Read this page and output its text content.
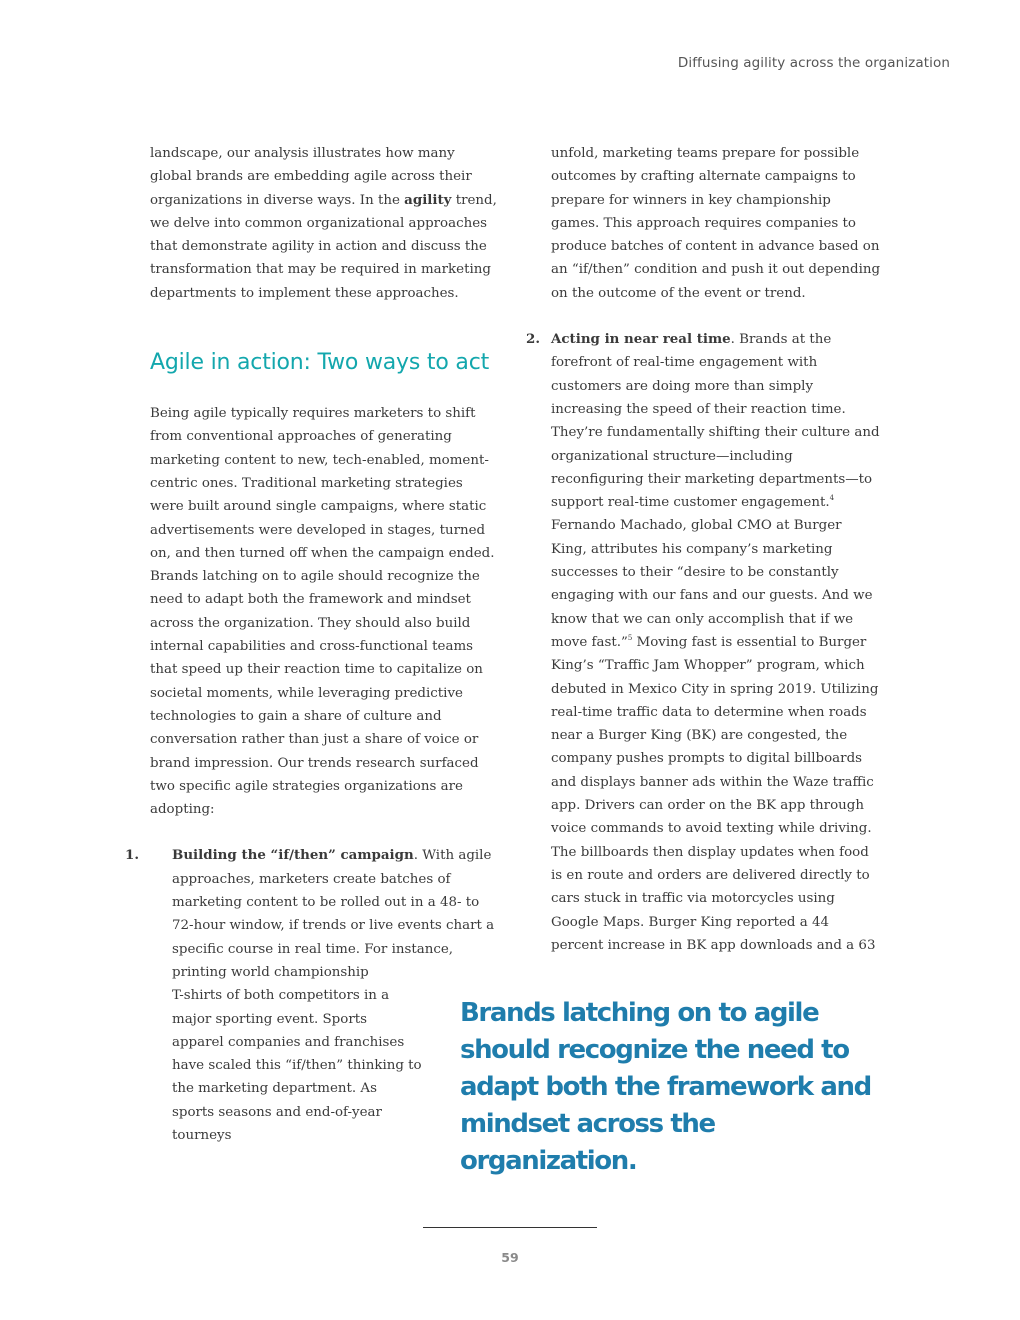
Diffusing agility across the organization

landscape, our analysis illustrates how many global brands are embedding agile across their organizations in diverse ways. In the agility trend, we delve into common organizational approaches that demonstrate agility in action and discuss the transformation that may be required in marketing departments to implement these approaches.

Agile in action: Two ways to act

Being agile typically requires marketers to shift from conventional approaches of generating marketing content to new, tech-enabled, moment-centric ones. Traditional marketing strategies were built around single campaigns, where static advertisements were developed in stages, turned on, and then turned off when the campaign ended. Brands latching on to agile should recognize the need to adapt both the framework and mindset across the organization. They should also build internal capabilities and cross-functional teams that speed up their reaction time to capitalize on societal moments, while leveraging predictive technologies to gain a share of culture and conversation rather than just a share of voice or brand impression. Our trends research surfaced two specific agile strategies organizations are adopting:

1. Building the “if/then” campaign. With agile approaches, marketers create batches of marketing content to be rolled out in a 48- to 72-hour window, if trends or live events chart a specific course in real time. For instance, printing world championship

T-shirts of both competitors in a major sporting event. Sports apparel companies and franchises have scaled this “if/then” thinking to the marketing department. As sports seasons and end-of-year tourneys

unfold, marketing teams prepare for possible outcomes by crafting alternate campaigns to prepare for winners in key championship games. This approach requires companies to produce batches of content in advance based on an “if/then” condition and push it out depending on the outcome of the event or trend.

2. Acting in near real time. Brands at the forefront of real-time engagement with customers are doing more than simply increasing the speed of their reaction time. They’re fundamentally shifting their culture and organizational structure—including reconfiguring their marketing departments—to support real-time customer engagement.$^4$ Fernando Machado, global CMO at Burger King, attributes his company’s marketing successes to their “desire to be constantly engaging with our fans and our guests. And we know that we can only accomplish that if we move fast.”$^5$ Moving fast is essential to Burger King’s “Traffic Jam Whopper” program, which debuted in Mexico City in spring 2019. Utilizing real-time traffic data to determine when roads near a Burger King (BK) are congested, the company pushes prompts to digital billboards and displays banner ads within the Waze traffic app. Drivers can order on the BK app through voice commands to avoid texting while driving. The billboards then display updates when food is en route and orders are delivered directly to cars stuck in traffic via motorcycles using Google Maps. Burger King reported a 44 percent increase in BK app downloads and a 63

Brands latching on to agile should recognize the need to adapt both the framework and mindset across the organization.
59
